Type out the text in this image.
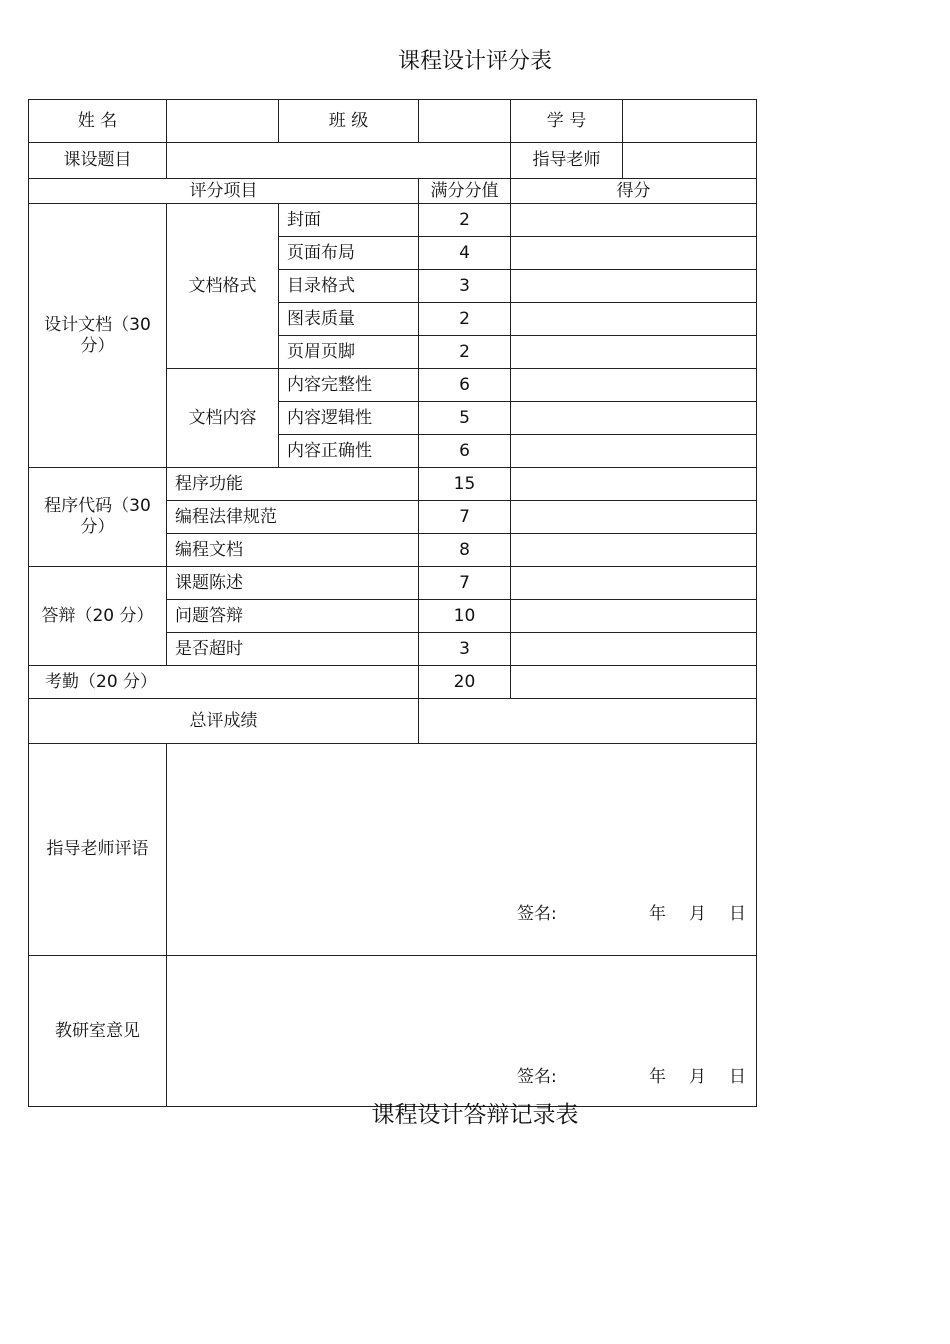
课程设计评分表
姓 名		班 级		学 号	
课设题目				指导老师	
评分项目			满分分值	得分	
设计文档（30 分）	文档格式	封面	2		
		页面布局	4		
		目录格式	3		
		图表质量	2		
		页眉页脚	2		
	文档内容	内容完整性	6		
		内容逻辑性	5		
		内容正确性	6		
程序代码（30 分）	程序功能		15		
	编程法律规范		7		
	编程文档		8		
答辩（20 分）	课题陈述		7		
	问题答辩		10		
	是否超时		3		
考勤（20 分）			20		
总评成绩					
指导老师评语	签名: 年 月 日				

教研室意见	签名: 年 月 日				
课程设计答辩记录表
